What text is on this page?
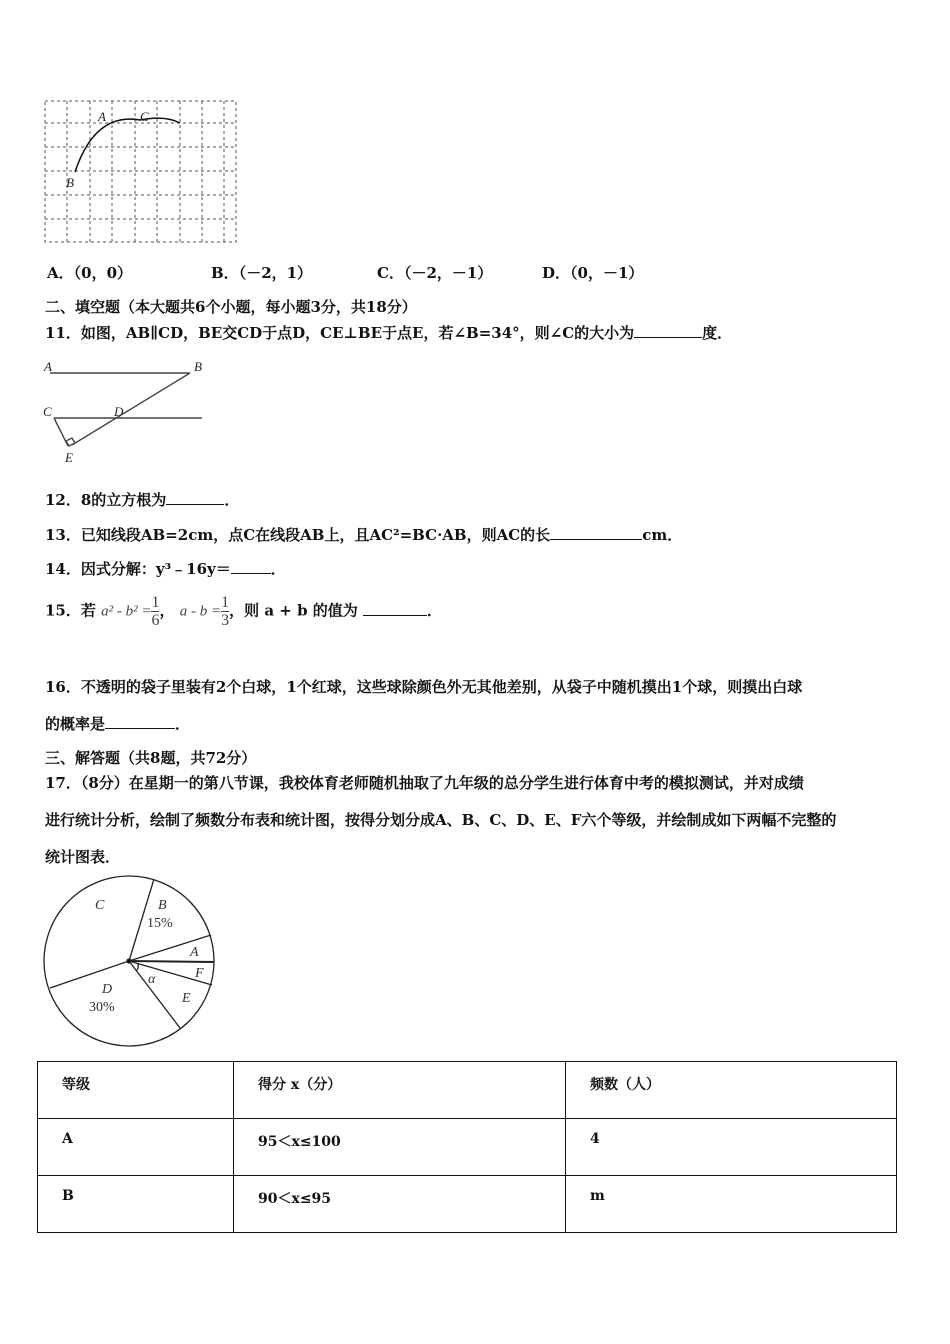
A	C
B
A	B
C	D
E
C	B
15%
A
F
E
α
D
30%
A．（0，0）	B．（－2，1）	C．（－2，－1）	D．（0，－1）
二、填空题（本大题共6个小题，每小题3分，共18分）
11．如图，AB∥CD，BE交CD于点D，CE⊥BE于点E，若∠B=34°，则∠C的大小为	度．
12．8的立方根为	．
13．已知线段AB=2cm，点C在线段AB上，且AC²=BC·AB，则AC的长	cm．
14．因式分解：y³﹣16y＝	．
15．若 $a^2 - b^2 = \frac{1}{6}$ ， $a - b = \frac{1}{3}$ ，则 a + b 的值为	．
16．不透明的袋子里装有2个白球，1个红球，这些球除颜色外无其他差别，从袋子中随机摸出1个球，则摸出白球
的概率是	．
三、解答题（共8题，共72分）
17．（8分）在星期一的第八节课，我校体育老师随机抽取了九年级的总分学生进行体育中考的模拟测试，并对成绩
进行统计分析，绘制了频数分布表和统计图，按得分划分成A、B、C、D、E、F六个等级，并绘制成如下两幅不完整的
统计图表．
等级	得分 x（分）	频数（人）
A	95＜x≤100	4
B	90＜x≤95	m
